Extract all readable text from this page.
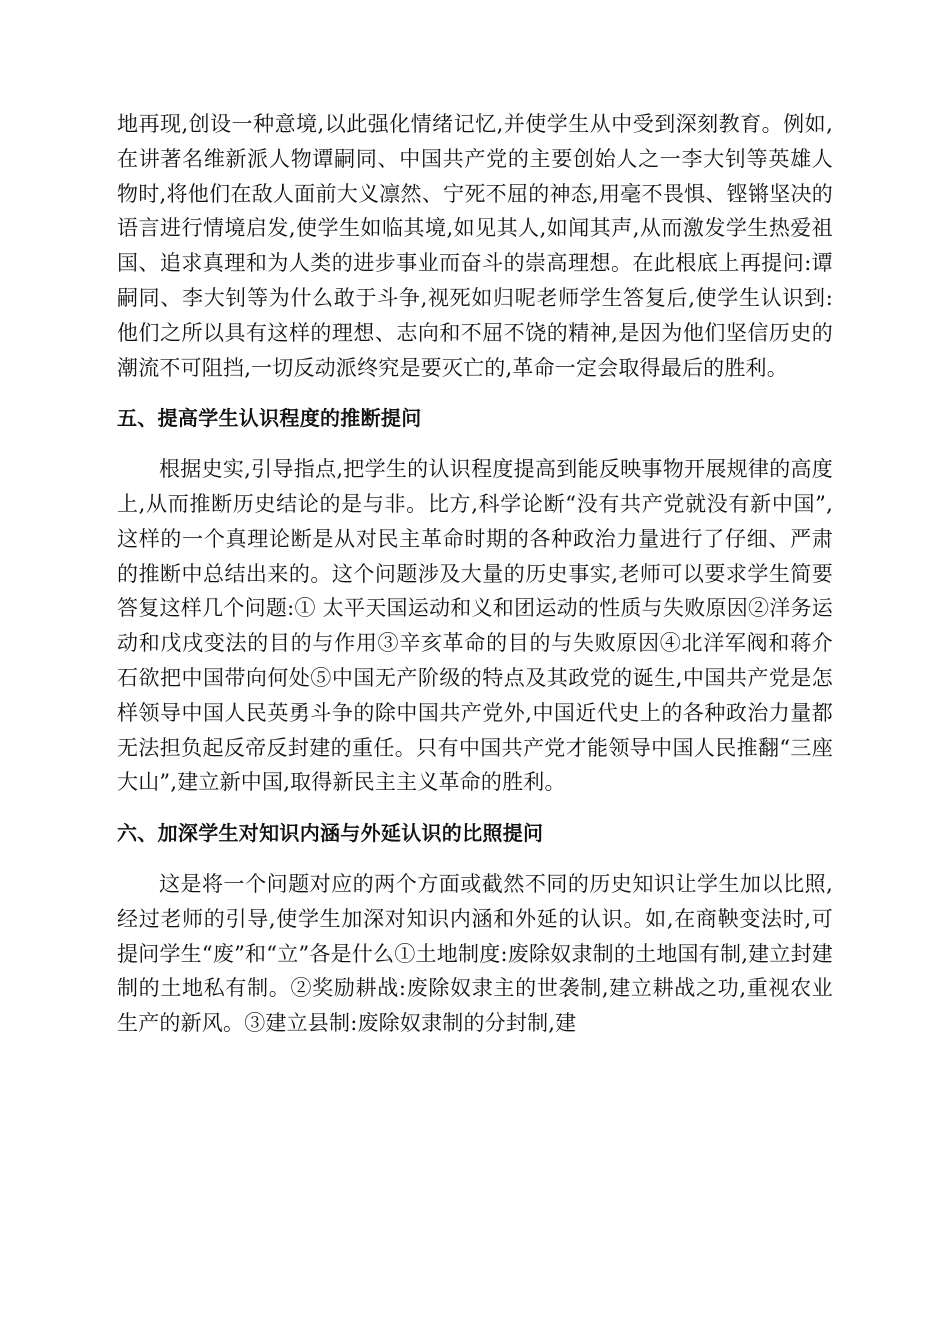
地再现,创设一种意境,以此强化情绪记忆,并使学生从中受到深刻教育。例如,在讲著名维新派人物谭嗣同、中国共产党的主要创始人之一李大钊等英雄人物时,将他们在敌人面前大义凛然、宁死不屈的神态,用毫不畏惧、铿锵坚决的语言进行情境启发,使学生如临其境,如见其人,如闻其声,从而激发学生热爱祖国、追求真理和为人类的进步事业而奋斗的崇高理想。在此根底上再提问:谭嗣同、李大钊等为什么敢于斗争,视死如归呢老师学生答复后,使学生认识到:他们之所以具有这样的理想、志向和不屈不饶的精神,是因为他们坚信历史的潮流不可阻挡,一切反动派终究是要灭亡的,革命一定会取得最后的胜利。

五、提高学生认识程度的推断提问

根据史实,引导指点,把学生的认识程度提高到能反映事物开展规律的高度上,从而推断历史结论的是与非。比方,科学论断“没有共产党就没有新中国”,这样的一个真理论断是从对民主革命时期的各种政治力量进行了仔细、严肃的推断中总结出来的。这个问题涉及大量的历史事实,老师可以要求学生简要答复这样几个问题:① 太平天国运动和义和团运动的性质与失败原因②洋务运动和戊戌变法的目的与作用③辛亥革命的目的与失败原因④北洋军阀和蒋介石欲把中国带向何处⑤中国无产阶级的特点及其政党的诞生,中国共产党是怎样领导中国人民英勇斗争的除中国共产党外,中国近代史上的各种政治力量都无法担负起反帝反封建的重任。只有中国共产党才能领导中国人民推翻“三座大山”,建立新中国,取得新民主主义革命的胜利。

六、加深学生对知识内涵与外延认识的比照提问

这是将一个问题对应的两个方面或截然不同的历史知识让学生加以比照,经过老师的引导,使学生加深对知识内涵和外延的认识。如,在商鞅变法时,可提问学生“废”和“立”各是什么①土地制度:废除奴隶制的土地国有制,建立封建制的土地私有制。②奖励耕战:废除奴隶主的世袭制,建立耕战之功,重视农业生产的新风。③建立县制:废除奴隶制的分封制,建
